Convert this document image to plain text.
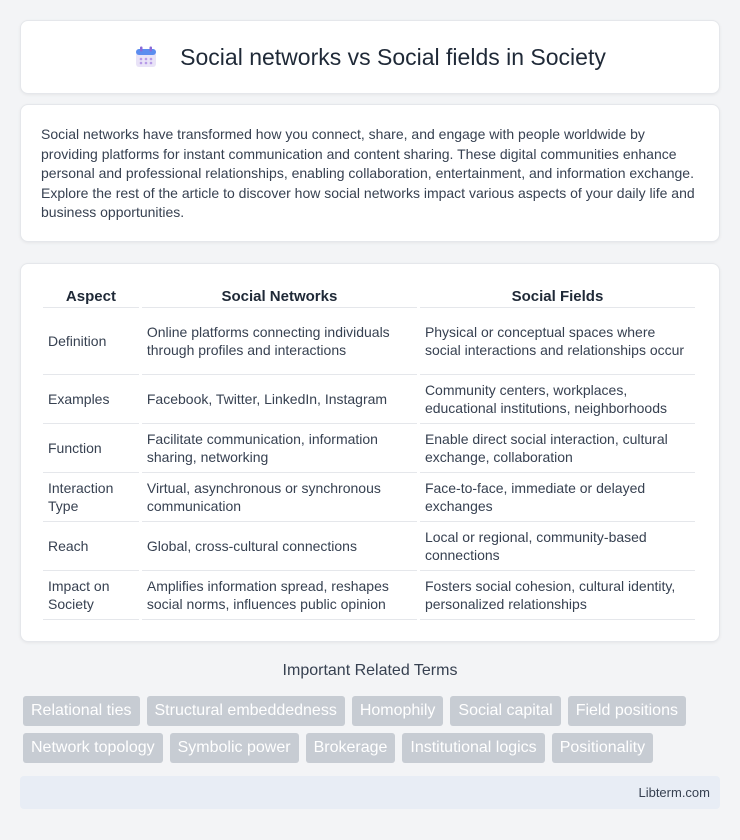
Social networks vs Social fields in Society

Social networks have transformed how you connect, share, and engage with people worldwide by providing platforms for instant communication and content sharing. These digital communities enhance personal and professional relationships, enabling collaboration, entertainment, and information exchange. Explore the rest of the article to discover how social networks impact various aspects of your daily life and business opportunities.

Aspect	Social Networks	Social Fields
Definition	Online platforms connecting individuals through profiles and interactions	Physical or conceptual spaces where social interactions and relationships occur
Examples	Facebook, Twitter, LinkedIn, Instagram	Community centers, workplaces, educational institutions, neighborhoods
Function	Facilitate communication, information sharing, networking	Enable direct social interaction, cultural exchange, collaboration
Interaction Type	Virtual, asynchronous or synchronous communication	Face-to-face, immediate or delayed exchanges
Reach	Global, cross-cultural connections	Local or regional, community-based connections
Impact on Society	Amplifies information spread, reshapes social norms, influences public opinion	Fosters social cohesion, cultural identity, personalized relationships
Important Related Terms
Relational ties	Structural embeddedness	Homophily	Social capital	Field positions
Network topology	Symbolic power	Brokerage	Institutional logics	Positionality
Libterm.com
